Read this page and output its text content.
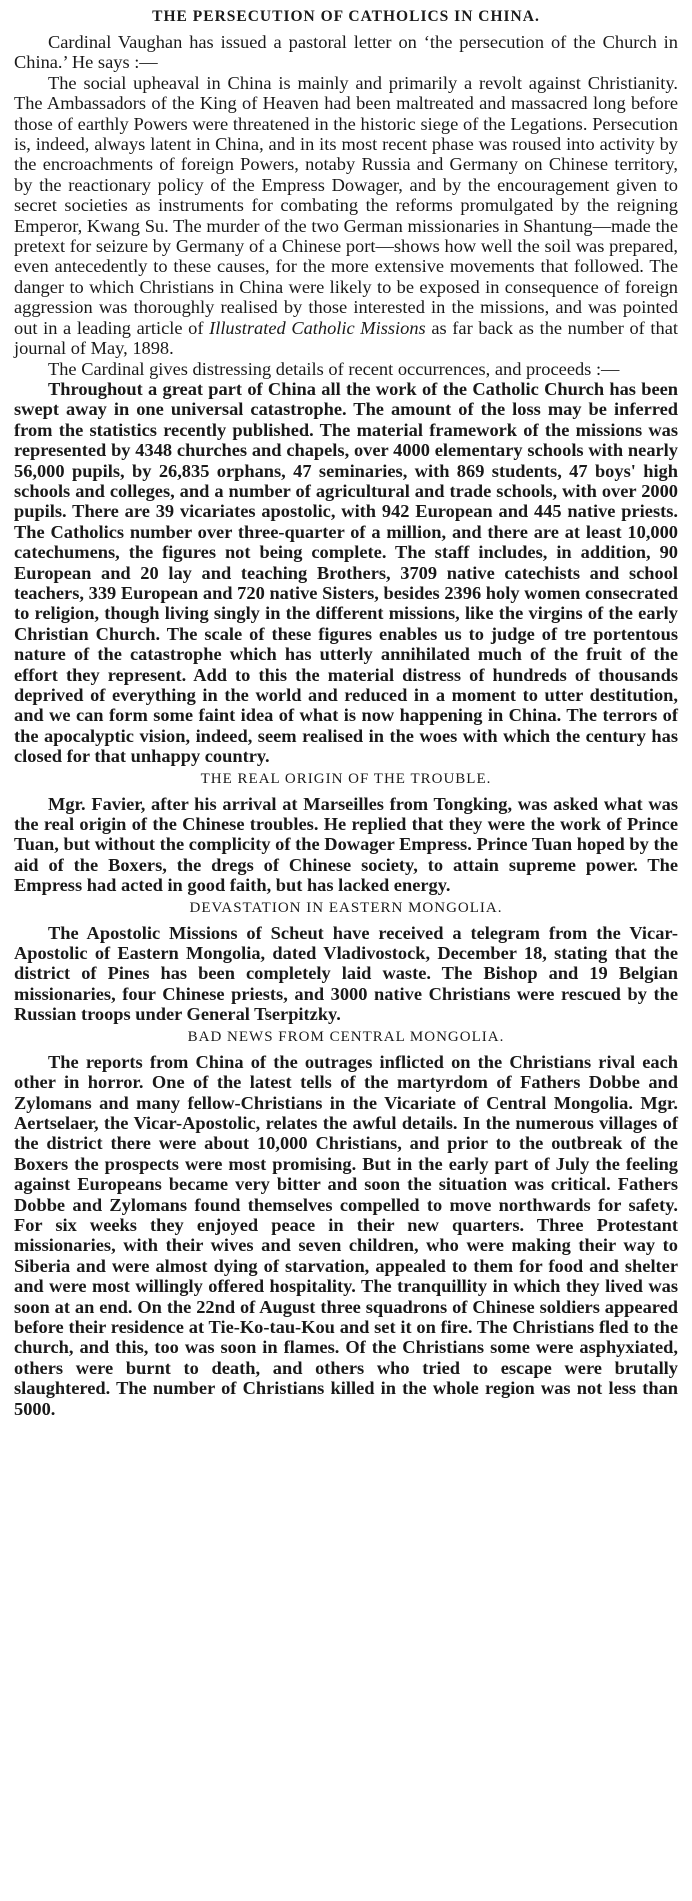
THE PERSECUTION OF CATHOLICS IN CHINA.

Cardinal Vaughan has issued a pastoral letter on ‘the persecution of the Church in China.’ He says :—

The social upheaval in China is mainly and primarily a revolt against Christianity. The Ambassadors of the King of Heaven had been maltreated and massacred long before those of earthly Powers were threatened in the historic siege of the Legations. Persecution is, indeed, always latent in China, and in its most recent phase was roused into activity by the encroachments of foreign Powers, notaby Russia and Germany on Chinese territory, by the reactionary policy of the Empress Dowager, and by the encouragement given to secret societies as instruments for combating the reforms promulgated by the reigning Emperor, Kwang Su. The murder of the two German missionaries in Shantung—made the pretext for seizure by Germany of a Chinese port—shows how well the soil was prepared, even antecedently to these causes, for the more extensive movements that followed. The danger to which Christians in China were likely to be exposed in consequence of foreign aggression was thoroughly realised by those interested in the missions, and was pointed out in a leading article of Illustrated Catholic Missions as far back as the number of that journal of May, 1898.

The Cardinal gives distressing details of recent occurrences, and proceeds :—

Throughout a great part of China all the work of the Catholic Church has been swept away in one universal catastrophe. The amount of the loss may be inferred from the statistics recently published. The material framework of the missions was represented by 4348 churches and chapels, over 4000 elementary schools with nearly 56,000 pupils, by 26,835 orphans, 47 seminaries, with 869 students, 47 boys' high schools and colleges, and a number of agricultural and trade schools, with over 2000 pupils. There are 39 vicariates apostolic, with 942 European and 445 native priests. The Catholics number over three-quarter of a million, and there are at least 10,000 catechumens, the figures not being complete. The staff includes, in addition, 90 European and 20 lay and teaching Brothers, 3709 native catechists and school teachers, 339 European and 720 native Sisters, besides 2396 holy women consecrated to religion, though living singly in the different missions, like the virgins of the early Christian Church. The scale of these figures enables us to judge of tre portentous nature of the catastrophe which has utterly annihilated much of the fruit of the effort they represent. Add to this the material distress of hundreds of thousands deprived of everything in the world and reduced in a moment to utter destitution, and we can form some faint idea of what is now happening in China. The terrors of the apocalyptic vision, indeed, seem realised in the woes with which the century has closed for that unhappy country.

THE REAL ORIGIN OF THE TROUBLE.

Mgr. Favier, after his arrival at Marseilles from Tongking, was asked what was the real origin of the Chinese troubles. He replied that they were the work of Prince Tuan, but without the complicity of the Dowager Empress. Prince Tuan hoped by the aid of the Boxers, the dregs of Chinese society, to attain supreme power. The Empress had acted in good faith, but has lacked energy.

DEVASTATION IN EASTERN MONGOLIA.

The Apostolic Missions of Scheut have received a telegram from the Vicar-Apostolic of Eastern Mongolia, dated Vladivostock, December 18, stating that the district of Pines has been completely laid waste. The Bishop and 19 Belgian missionaries, four Chinese priests, and 3000 native Christians were rescued by the Russian troops under General Tserpitzky.

BAD NEWS FROM CENTRAL MONGOLIA.

The reports from China of the outrages inflicted on the Christians rival each other in horror. One of the latest tells of the martyrdom of Fathers Dobbe and Zylomans and many fellow-Christians in the Vicariate of Central Mongolia. Mgr. Aertselaer, the Vicar-Apostolic, relates the awful details. In the numerous villages of the district there were about 10,000 Christians, and prior to the outbreak of the Boxers the prospects were most promising. But in the early part of July the feeling against Europeans became very bitter and soon the situation was critical. Fathers Dobbe and Zylomans found themselves compelled to move northwards for safety. For six weeks they enjoyed peace in their new quarters. Three Protestant missionaries, with their wives and seven children, who were making their way to Siberia and were almost dying of starvation, appealed to them for food and shelter and were most willingly offered hospitality. The tranquillity in which they lived was soon at an end. On the 22nd of August three squadrons of Chinese soldiers appeared before their residence at Tie-Ko-tau-Kou and set it on fire. The Christians fled to the church, and this, too was soon in flames. Of the Christians some were asphyxiated, others were burnt to death, and others who tried to escape were brutally slaughtered. The number of Christians killed in the whole region was not less than 5000.
